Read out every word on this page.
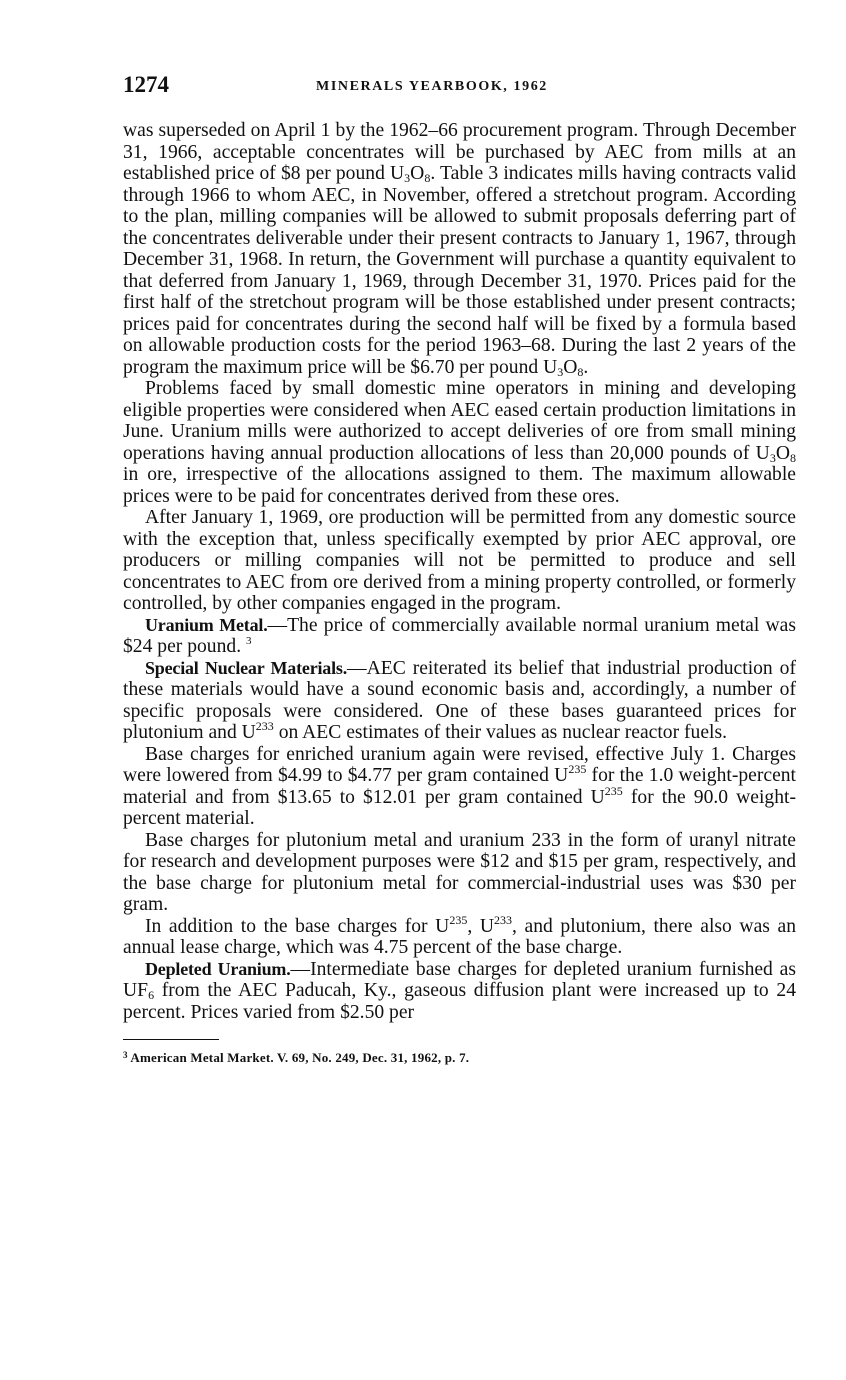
1274	MINERALS YEARBOOK, 1962

was superseded on April 1 by the 1962–66 procurement program. Through December 31, 1966, acceptable concentrates will be purchased by AEC from mills at an established price of $8 per pound $U_3O_8$. Table 3 indicates mills having contracts valid through 1966 to whom AEC, in November, offered a stretchout program. According to the plan, milling companies will be allowed to submit proposals deferring part of the concentrates deliverable under their present contracts to January 1, 1967, through December 31, 1968. In return, the Government will purchase a quantity equivalent to that deferred from January 1, 1969, through December 31, 1970. Prices paid for the first half of the stretchout program will be those established under present contracts; prices paid for concentrates during the second half will be fixed by a formula based on allowable production costs for the period 1963–68. During the last 2 years of the program the maximum price will be $6.70 per pound $U_3O_8$.

Problems faced by small domestic mine operators in mining and developing eligible properties were considered when AEC eased certain production limitations in June. Uranium mills were authorized to accept deliveries of ore from small mining operations having annual production allocations of less than 20,000 pounds of $U_3O_8$ in ore, irrespective of the allocations assigned to them. The maximum allowable prices were to be paid for concentrates derived from these ores.

After January 1, 1969, ore production will be permitted from any domestic source with the exception that, unless specifically exempted by prior AEC approval, ore producers or milling companies will not be permitted to produce and sell concentrates to AEC from ore derived from a mining property controlled, or formerly controlled, by other companies engaged in the program.

Uranium Metal.—The price of commercially available normal uranium metal was $24 per pound. $^3$

Special Nuclear Materials.—AEC reiterated its belief that industrial production of these materials would have a sound economic basis and, accordingly, a number of specific proposals were considered. One of these bases guaranteed prices for plutonium and $U^{233}$ on AEC estimates of their values as nuclear reactor fuels.

Base charges for enriched uranium again were revised, effective July 1. Charges were lowered from $4.99 to $4.77 per gram contained $U^{235}$ for the 1.0 weight-percent material and from $13.65 to $12.01 per gram contained $U^{235}$ for the 90.0 weight-percent material.

Base charges for plutonium metal and uranium 233 in the form of uranyl nitrate for research and development purposes were $12 and $15 per gram, respectively, and the base charge for plutonium metal for commercial-industrial uses was $30 per gram.

In addition to the base charges for $U^{235}$, $U^{233}$, and plutonium, there also was an annual lease charge, which was 4.75 percent of the base charge.

Depleted Uranium.—Intermediate base charges for depleted uranium furnished as $UF_6$ from the AEC Paducah, Ky., gaseous diffusion plant were increased up to 24 percent. Prices varied from $2.50 per

$^3$ American Metal Market. V. 69, No. 249, Dec. 31, 1962, p. 7.
